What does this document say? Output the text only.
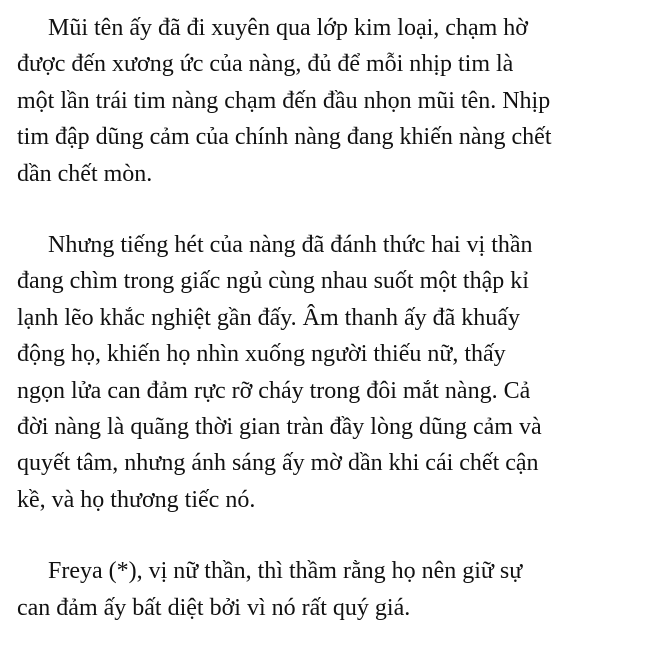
Mũi tên ấy đã đi xuyên qua lớp kim loại, chạm hờ
được đến xương ức của nàng, đủ để mỗi nhịp tim là
một lần trái tim nàng chạm đến đầu nhọn mũi tên. Nhịp
tim đập dũng cảm của chính nàng đang khiến nàng chết
dần chết mòn.

Nhưng tiếng hét của nàng đã đánh thức hai vị thần
đang chìm trong giấc ngủ cùng nhau suốt một thập kỉ
lạnh lẽo khắc nghiệt gần đấy. Âm thanh ấy đã khuấy
động họ, khiến họ nhìn xuống người thiếu nữ, thấy
ngọn lửa can đảm rực rỡ cháy trong đôi mắt nàng. Cả
đời nàng là quãng thời gian tràn đầy lòng dũng cảm và
quyết tâm, nhưng ánh sáng ấy mờ dần khi cái chết cận
kề, và họ thương tiếc nó.

Freya (*), vị nữ thần, thì thầm rằng họ nên giữ sự
can đảm ấy bất diệt bởi vì nó rất quý giá.
